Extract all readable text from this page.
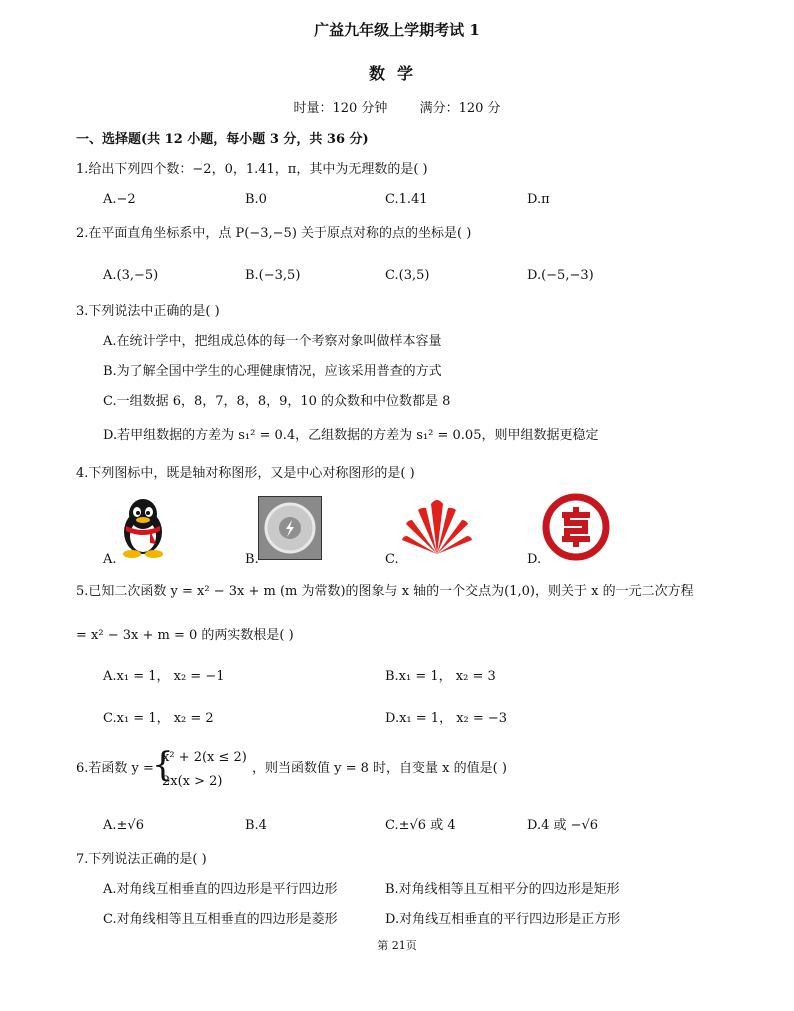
广益九年级上学期考试 1
数学
时量：120 分钟 满分：120 分
一、选择题(共 12 小题，每小题 3 分，共 36 分)
1.给出下列四个数：−2，0，1.41，π，其中为无理数的是( )
A.−2	B.0	C.1.41	D.π
2.在平面直角坐标系中，点 P(−3,−5) 关于原点对称的点的坐标是( )
A.(3,−5)	B.(−3,5)	C.(3,5)	D.(−5,−3)
3.下列说法中正确的是( )
A.在统计学中，把组成总体的每一个考察对象叫做样本容量
B.为了解全国中学生的心理健康情况，应该采用普查的方式
C.一组数据 6，8，7，8，8，9，10 的众数和中位数都是 8
D.若甲组数据的方差为 s₁² = 0.4，乙组数据的方差为 s₁² = 0.05，则甲组数据更稳定
4.下列图标中，既是轴对称图形，又是中心对称图形的是( )
A.	B.	C.	D.
5.已知二次函数 y = x² − 3x + m (m 为常数)的图象与 x 轴的一个交点为(1,0)，则关于 x 的一元二次方程
= x² − 3x + m = 0 的两实数根是( )
A.x₁ = 1， x₂ = −1	B.x₁ = 1， x₂ = 3
C.x₁ = 1， x₂ = 2	D.x₁ = 1， x₂ = −3
6.若函数 y =
{
x² + 2(x ≤ 2)
2x(x > 2)
，则当函数值 y = 8 时，自变量 x 的值是( )
A.±√6	B.4	C.±√6 或 4	D.4 或 −√6
7.下列说法正确的是( )
A.对角线互相垂直的四边形是平行四边形	B.对角线相等且互相平分的四边形是矩形
C.对角线相等且互相垂直的四边形是菱形	D.对角线互相垂直的平行四边形是正方形
第 21页
